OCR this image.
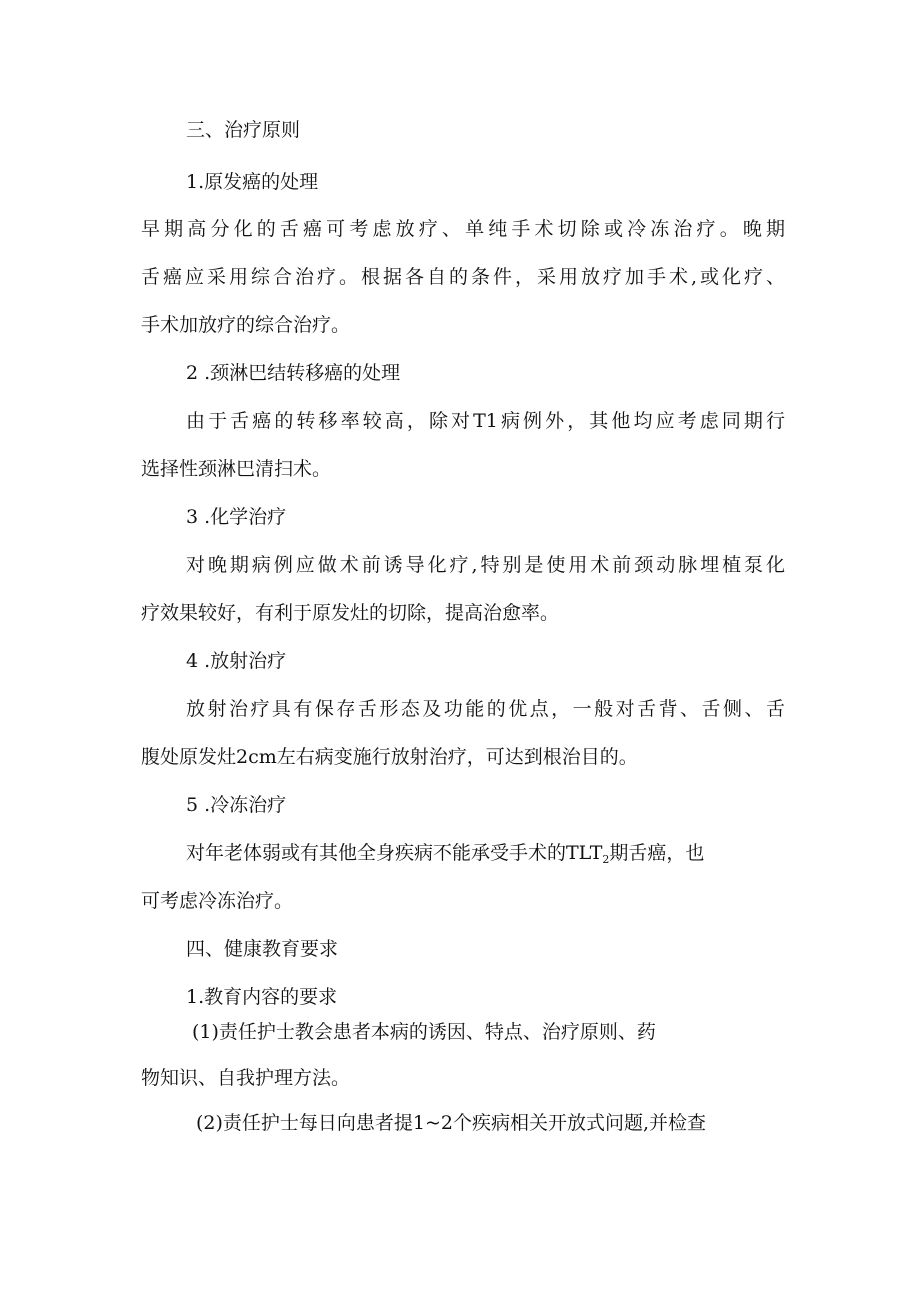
三、治疗原则

1.原发癌的处理

早期高分化的舌癌可考虑放疗、单纯手术切除或冷冻治疗。晚期

舌癌应采用综合治疗。根据各自的条件，采用放疗加手术,或化疗、

手术加放疗的综合治疗。

2 .颈淋巴结转移癌的处理

由于舌癌的转移率较高，除对T1病例外，其他均应考虑同期行

选择性颈淋巴清扫术。

3 .化学治疗

对晚期病例应做术前诱导化疗,特别是使用术前颈动脉埋植泵化

疗效果较好，有利于原发灶的切除，提高治愈率。

4 .放射治疗

放射治疗具有保存舌形态及功能的优点，一般对舌背、舌侧、舌

腹处原发灶2cm左右病变施行放射治疗，可达到根治目的。

5 .冷冻治疗

对年老体弱或有其他全身疾病不能承受手术的$TLT_2$期舌癌，也

可考虑冷冻治疗。

四、健康教育要求

1.教育内容的要求

(1)责任护士教会患者本病的诱因、特点、治疗原则、药

物知识、自我护理方法。

(2)责任护士每日向患者提1~2个疾病相关开放式问题,并检查
